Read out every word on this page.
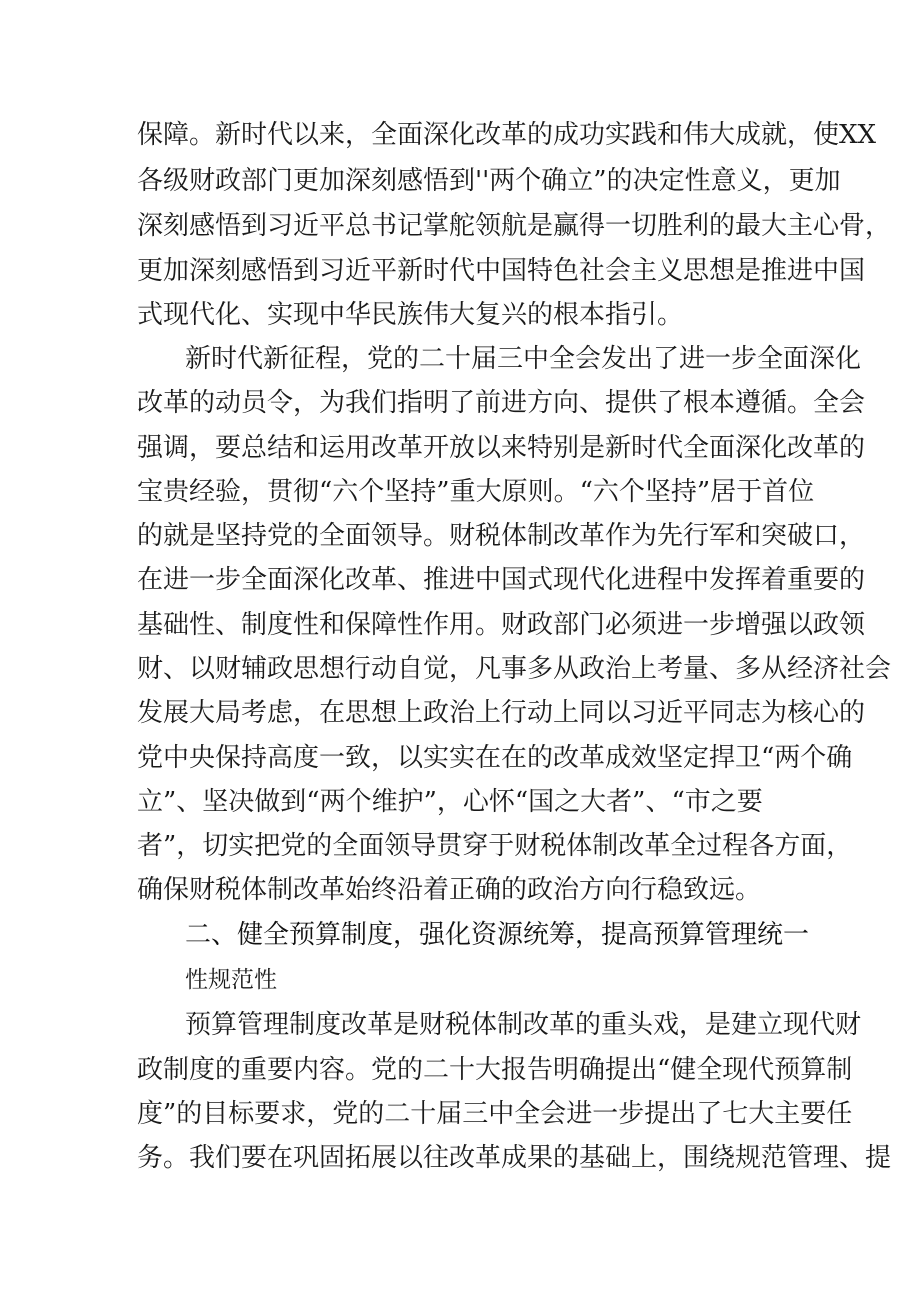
保障。新时代以来，全面深化改革的成功实践和伟大成就，使XX
各级财政部门更加深刻感悟到''两个确立”的决定性意义，更加
深刻感悟到习近平总书记掌舵领航是赢得一切胜利的最大主心骨，
更加深刻感悟到习近平新时代中国特色社会主义思想是推进中国
式现代化、实现中华民族伟大复兴的根本指引。
新时代新征程，党的二十届三中全会发出了进一步全面深化
改革的动员令，为我们指明了前进方向、提供了根本遵循。全会
强调，要总结和运用改革开放以来特别是新时代全面深化改革的
宝贵经验，贯彻“六个坚持”重大原则。“六个坚持”居于首位
的就是坚持党的全面领导。财税体制改革作为先行军和突破口，
在进一步全面深化改革、推进中国式现代化进程中发挥着重要的
基础性、制度性和保障性作用。财政部门必须进一步增强以政领
财、以财辅政思想行动自觉，凡事多从政治上考量、多从经济社会
发展大局考虑，在思想上政治上行动上同以习近平同志为核心的
党中央保持高度一致，以实实在在的改革成效坚定捍卫“两个确
立”、坚决做到“两个维护”，心怀“国之大者”、“市之要
者”，切实把党的全面领导贯穿于财税体制改革全过程各方面，
确保财税体制改革始终沿着正确的政治方向行稳致远。
二、健全预算制度，强化资源统筹，提高预算管理统一
性规范性
预算管理制度改革是财税体制改革的重头戏，是建立现代财
政制度的重要内容。党的二十大报告明确提出“健全现代预算制
度”的目标要求，党的二十届三中全会进一步提出了七大主要任
务。我们要在巩固拓展以往改革成果的基础上，围绕规范管理、提
